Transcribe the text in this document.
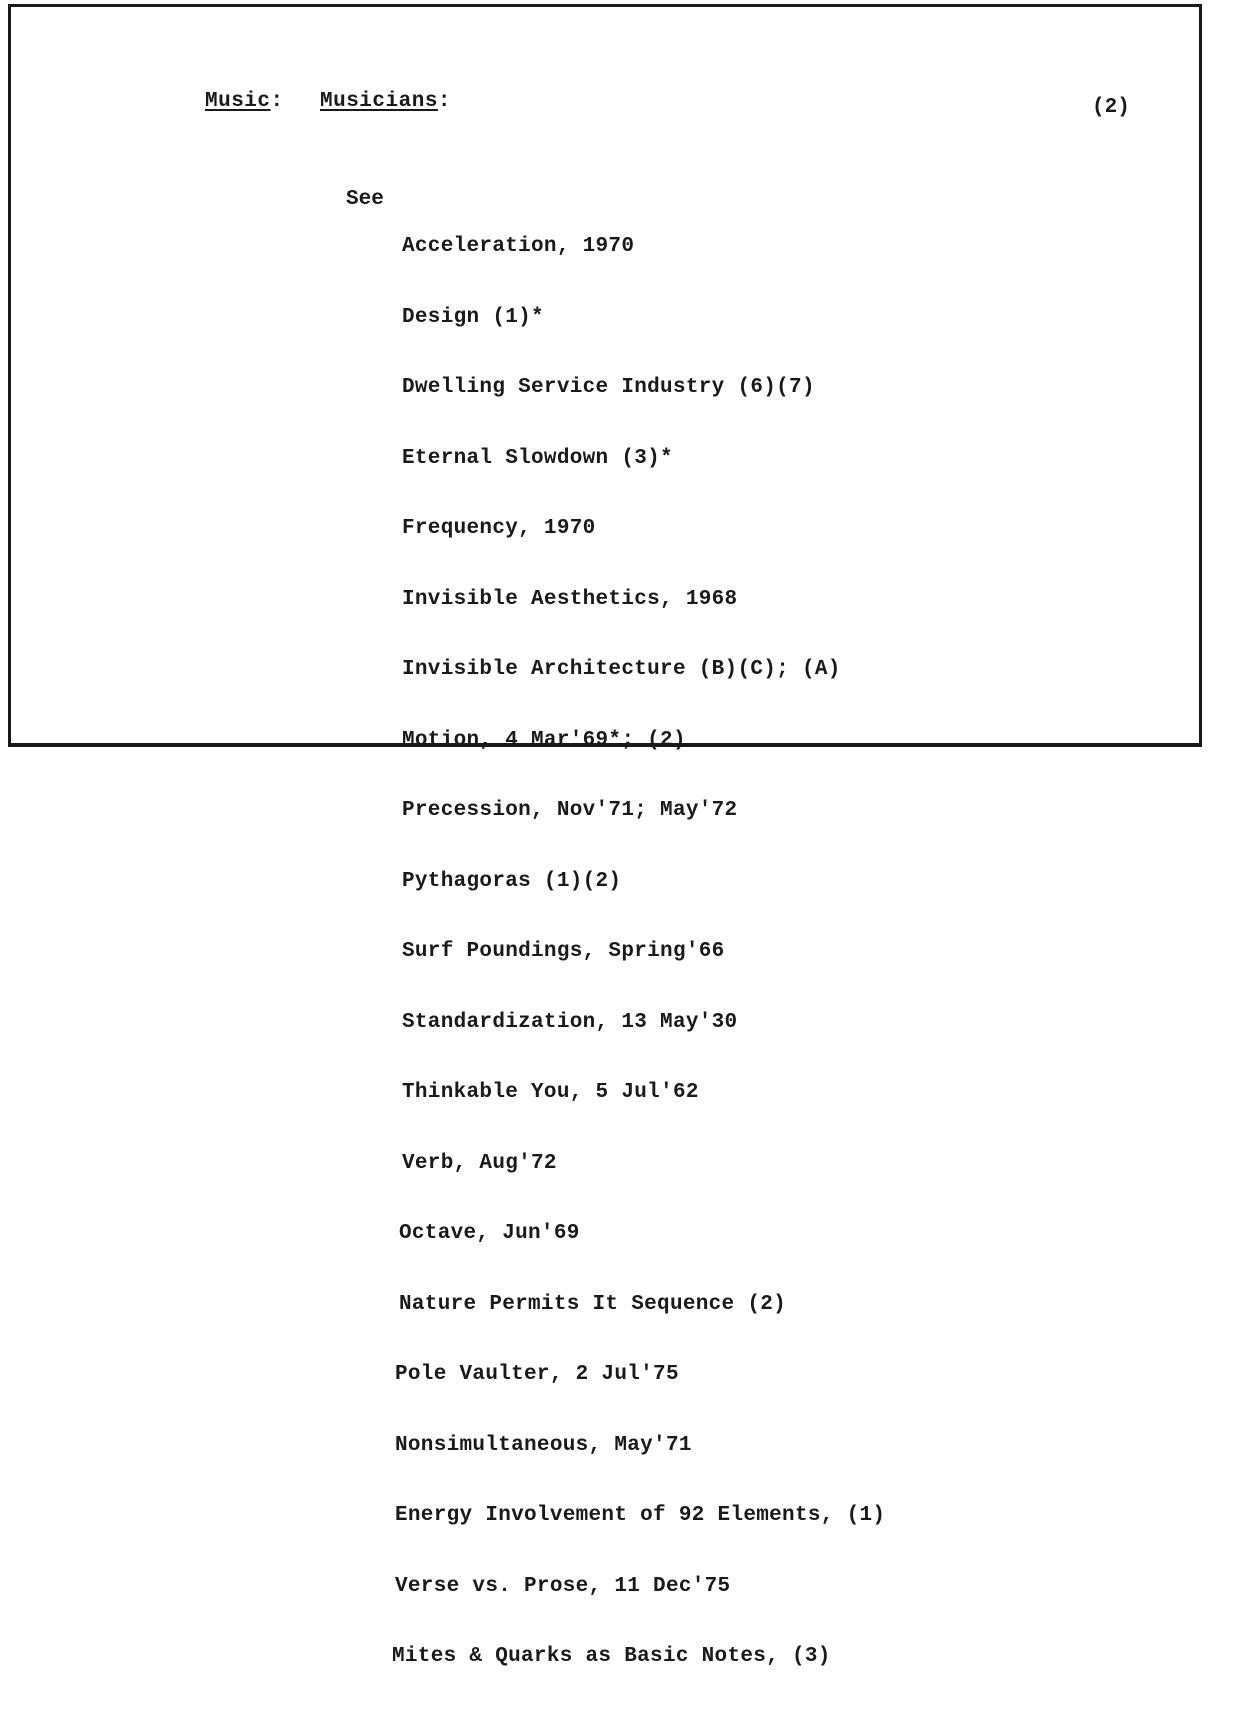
Music: Musicians:	(2)
See

Acceleration, 1970

Design (1)*

Dwelling Service Industry (6)(7)

Eternal Slowdown (3)*

Frequency, 1970

Invisible Aesthetics, 1968

Invisible Architecture (B)(C); (A)

Motion, 4 Mar'69*; (2)

Precession, Nov'71; May'72

Pythagoras (1)(2)

Surf Poundings, Spring'66

Standardization, 13 May'30

Thinkable You, 5 Jul'62

Verb, Aug'72

Octave, Jun'69

Nature Permits It Sequence (2)

Pole Vaulter, 2 Jul'75

Nonsimultaneous, May'71

Energy Involvement of 92 Elements, (1)

Verse vs. Prose, 11 Dec'75

Mites & Quarks as Basic Notes, (3)
